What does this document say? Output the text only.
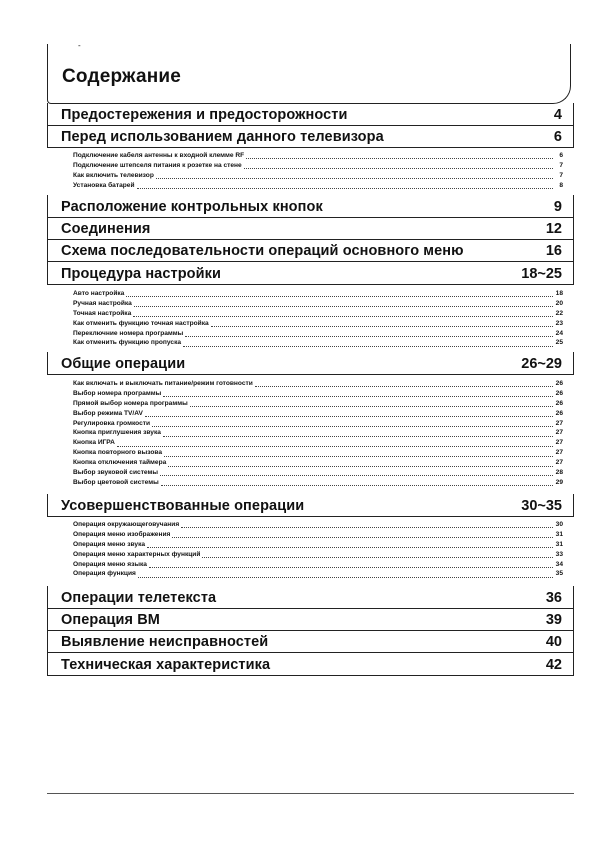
-
Содержание
Предостережения и предосторожности	4
Перед использованием данного телевизора	6
Подключение кабеля антенны к входной клемме RF	6
Подключение штепселя питания к розетке на стене	7
Как включить телевизор	7
Установка батарей	8
Расположение контрольных кнопок	9
Соединения	12
Схема последовательности операций основного меню	16
Процедура настройки	18~25
Авто настройка	18
Ручная настройка	20
Точная настройка	22
Как отменить функцию точная настройка	23
Переключние номера программы	24
Как отменить функцию пропуска	25
Общие операции	26~29
Как включать и выключать питание/режим готовности	26
Выбор номера программы	26
Прямой выбор номера программы	26
Выбор режима TV/AV	26
Регулировка громкости	27
Кнопка приглушения звука	27
Кнопка ИГРА	27
Кнопка повторного вызова	27
Кнопка отключения таймера	27
Выбор звуковой системы	28
Выбор цветовой системы	29
Усовершенствованные операции	30~35
Операция окружающеговучания	30
Операция меню изображения	31
Операция меню звука	31
Операция меню характерных функций	33
Операция меню языка	34
Операция функция	35
Операции телетекста	36
Операция ВМ	39
Выявление неисправностей	40
Техническая характеристика	42
